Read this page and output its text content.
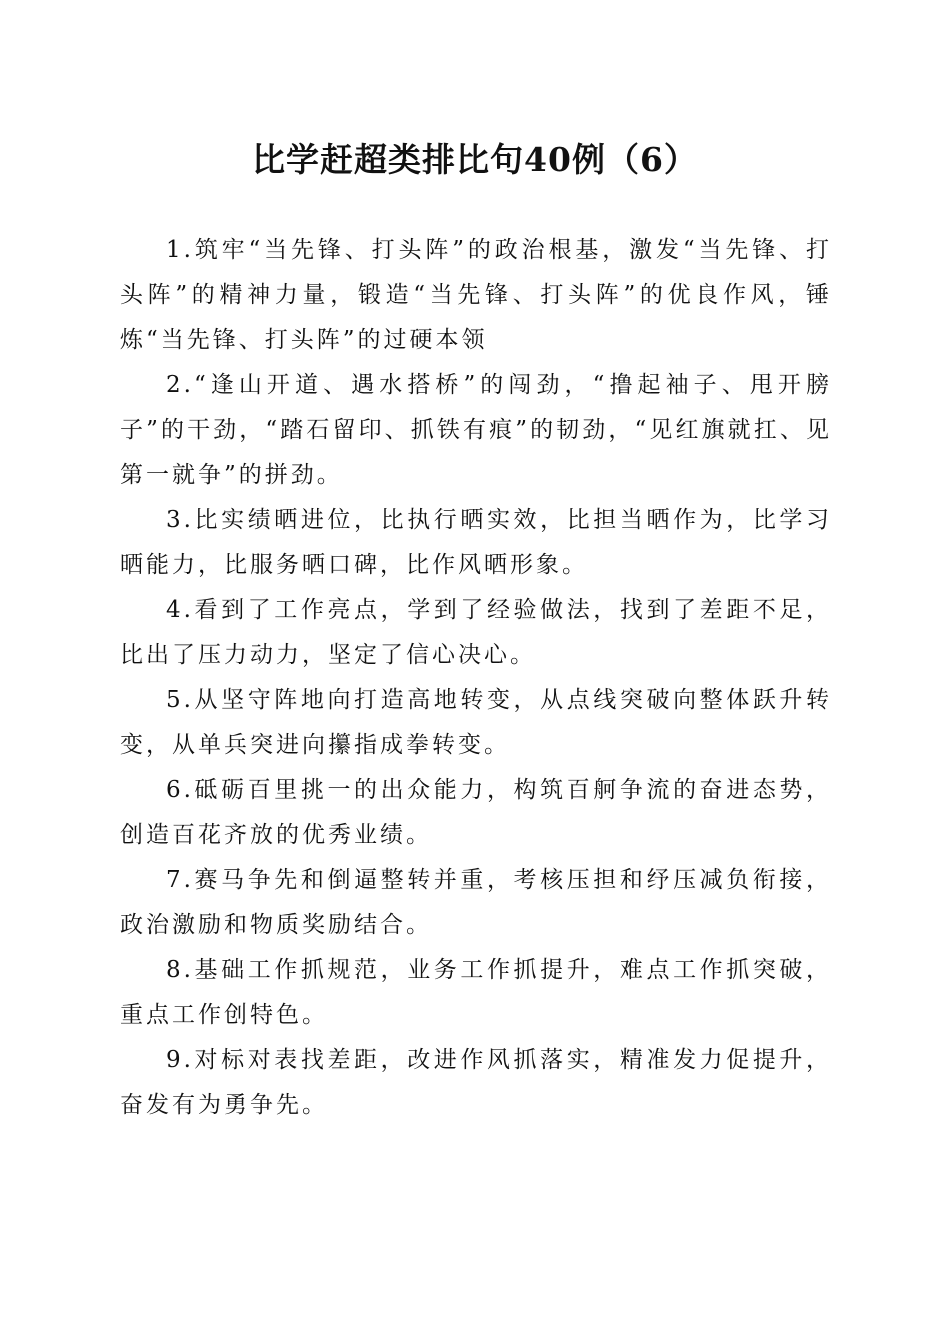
比学赶超类排比句40例（6）

1.筑牢“当先锋、打头阵”的政治根基，激发“当先锋、打头阵”的精神力量，锻造“当先锋、打头阵”的优良作风，锤炼“当先锋、打头阵”的过硬本领

2.“逢山开道、遇水搭桥”的闯劲，“撸起袖子、甩开膀子”的干劲，“踏石留印、抓铁有痕”的韧劲，“见红旗就扛、见第一就争”的拼劲。

3.比实绩晒进位，比执行晒实效，比担当晒作为，比学习晒能力，比服务晒口碑，比作风晒形象。

4.看到了工作亮点，学到了经验做法，找到了差距不足，比出了压力动力，坚定了信心决心。

5.从坚守阵地向打造高地转变，从点线突破向整体跃升转变，从单兵突进向攥指成拳转变。

6.砥砺百里挑一的出众能力，构筑百舸争流的奋进态势，创造百花齐放的优秀业绩。

7.赛马争先和倒逼整转并重，考核压担和纾压减负衔接，政治激励和物质奖励结合。

8.基础工作抓规范，业务工作抓提升，难点工作抓突破，重点工作创特色。

9.对标对表找差距，改进作风抓落实，精准发力促提升，奋发有为勇争先。
